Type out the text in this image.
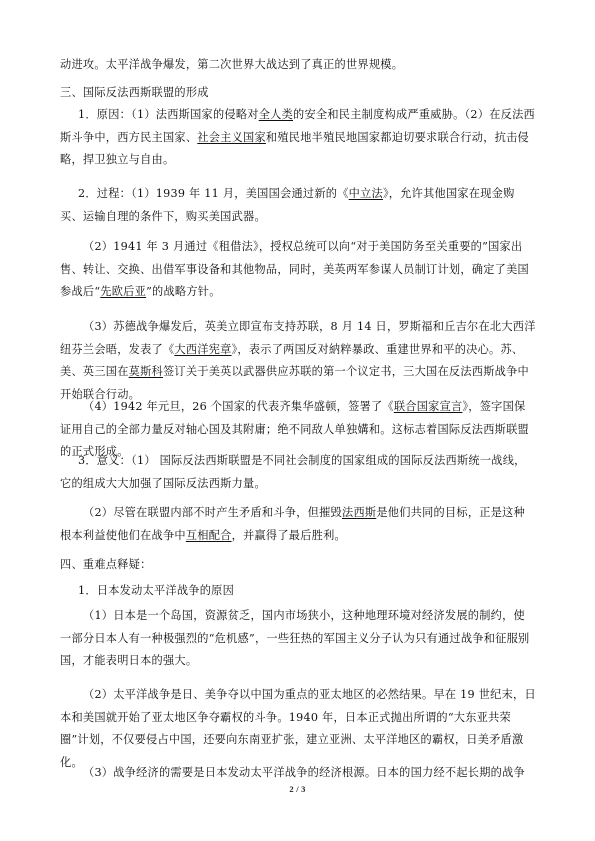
动进攻。太平洋战争爆发，第二次世界大战达到了真正的世界规模。

三、国际反法西斯联盟的形成

1．原因：（1）法西斯国家的侵略对全人类的安全和民主制度构成严重威胁。（2）在反法西斯斗争中，西方民主国家、社会主义国家和殖民地半殖民地国家都迫切要求联合行动，抗击侵略，捍卫独立与自由。

2．过程：（1）1939 年 11 月，美国国会通过新的《中立法》，允许其他国家在现金购买、运输自理的条件下，购买美国武器。

（2）1941 年 3 月通过《租借法》，授权总统可以向“对于美国防务至关重要的”国家出售、转让、交换、出借军事设备和其他物品，同时，美英两军参谋人员制订计划，确定了美国参战后“先欧后亚”的战略方针。

（3）苏德战争爆发后，英美立即宣布支持苏联，8 月 14 日，罗斯福和丘吉尔在北大西洋纽芬兰会晤，发表了《大西洋宪章》，表示了两国反对納粹暴政、重建世界和平的决心。苏、美、英三国在莫斯科签订关于美英以武器供应苏联的第一个议定书，三大国在反法西斯战争中开始联合行动。

（4）1942 年元旦，26 个国家的代表齐集华盛顿，签署了《联合国家宣言》，签字国保证用自己的全部力量反对轴心国及其附庸；绝不同敌人单独媾和。这标志着国际反法西斯联盟的正式形成。

3．意义：（1） 国际反法西斯联盟是不同社会制度的国家组成的国际反法西斯统一战线，它的组成大大加强了国际反法西斯力量。

（2）尽管在联盟内部不时产生矛盾和斗争，但摧毁法西斯是他们共同的目标，正是这种根本利益使他们在战争中互相配合，并赢得了最后胜利。

四、重难点释疑：

1．日本发动太平洋战争的原因

（1）日本是一个岛国，资源贫乏，国内市场狭小，这种地理环境对经济发展的制约，使一部分日本人有一种极强烈的“危机感”，一些狂热的军国主义分子认为只有通过战争和征服别国，才能表明日本的强大。

（2）太平洋战争是日、美争夺以中国为重点的亚太地区的必然结果。早在 19 世纪末，日本和美国就开始了亚太地区争夺霸权的斗争。1940 年，日本正式抛出所谓的“大东亚共荣圈”计划，不仅要侵占中国，还要向东南亚扩张，建立亚洲、太平洋地区的霸权，日美矛盾激化。

（3）战争经济的需要是日本发动太平洋战争的经济根源。日本的国力经不起长期的战争

2 / 3
